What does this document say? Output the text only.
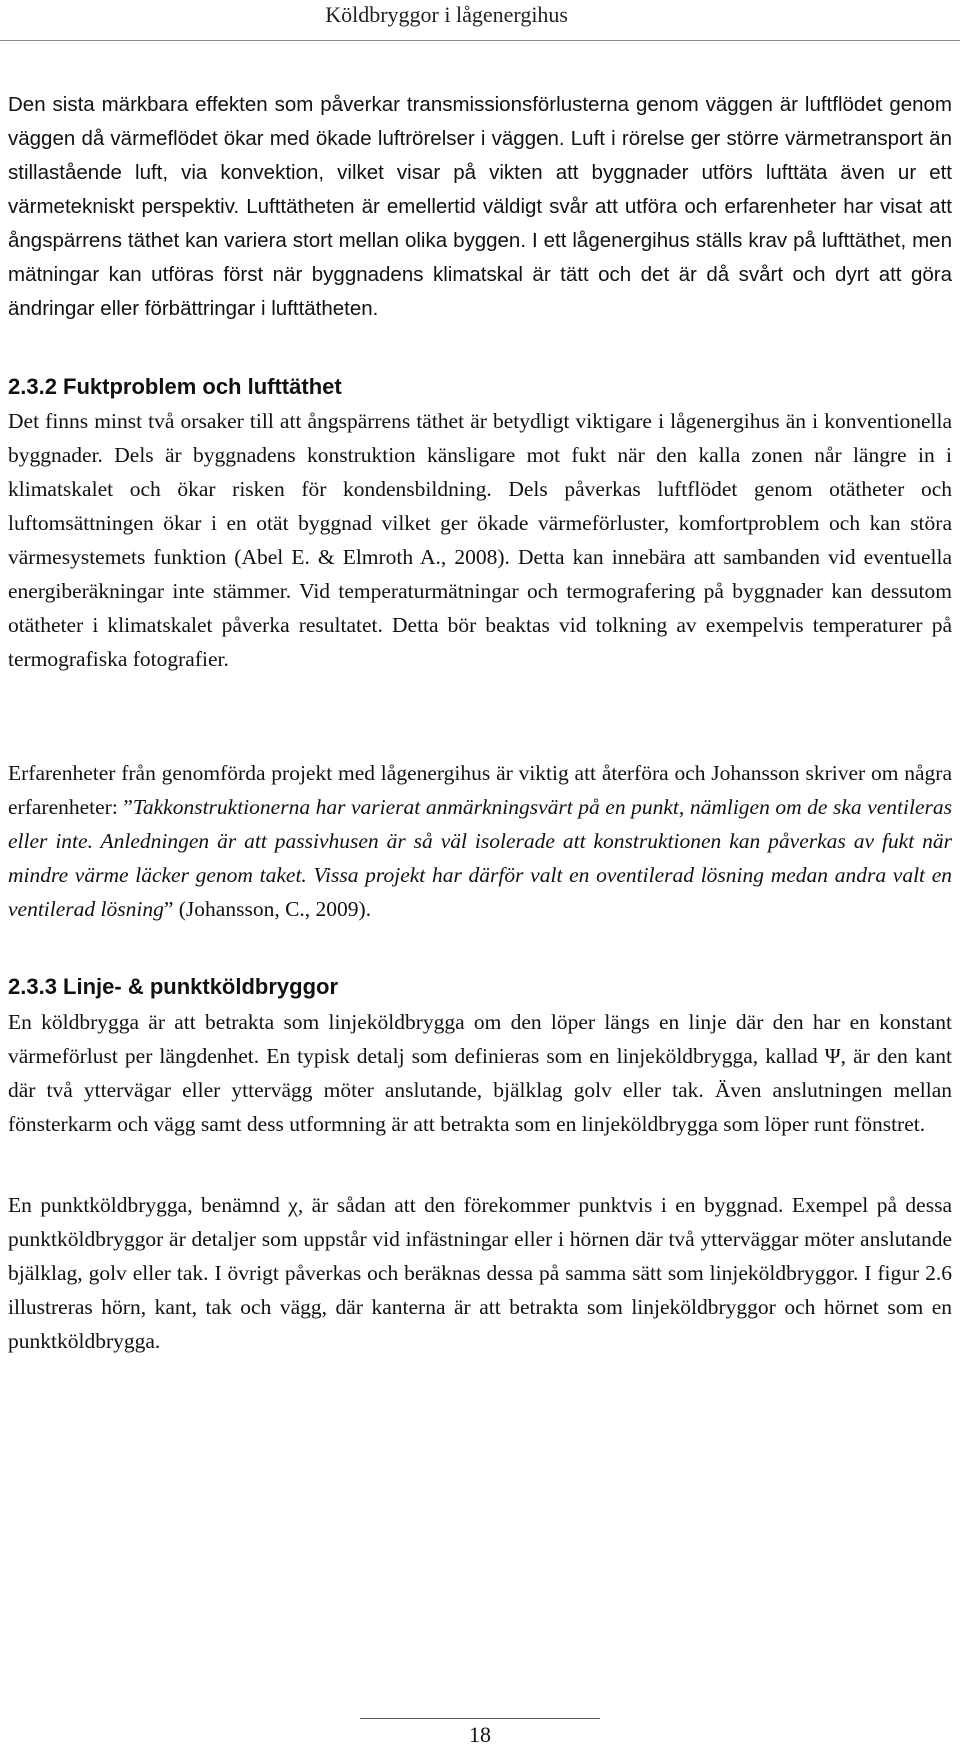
Köldbryggor i lågenergihus

Den sista märkbara effekten som påverkar transmissionsförlusterna genom väggen är luftflödet genom väggen då värmeflödet ökar med ökade luftrörelser i väggen. Luft i rörelse ger större värmetransport än stillastående luft, via konvektion, vilket visar på vikten att byggnader utförs lufttäta även ur ett värmetekniskt perspektiv. Lufttätheten är emellertid väldigt svår att utföra och erfarenheter har visat att ångspärrens täthet kan variera stort mellan olika byggen. I ett lågenergihus ställs krav på lufttäthet, men mätningar kan utföras först när byggnadens klimatskal är tätt och det är då svårt och dyrt att göra ändringar eller förbättringar i lufttätheten.

2.3.2 Fuktproblem och lufttäthet

Det finns minst två orsaker till att ångspärrens täthet är betydligt viktigare i lågenergihus än i konventionella byggnader. Dels är byggnadens konstruktion känsligare mot fukt när den kalla zonen når längre in i klimatskalet och ökar risken för kondensbildning. Dels påverkas luftflödet genom otätheter och luftomsättningen ökar i en otät byggnad vilket ger ökade värmeförluster, komfortproblem och kan störa värmesystemets funktion (Abel E. & Elmroth A., 2008). Detta kan innebära att sambanden vid eventuella energiberäkningar inte stämmer. Vid temperaturmätningar och termografering på byggnader kan dessutom otätheter i klimatskalet påverka resultatet. Detta bör beaktas vid tolkning av exempelvis temperaturer på termografiska fotografier.

Erfarenheter från genomförda projekt med lågenergihus är viktig att återföra och Johansson skriver om några erfarenheter: ”Takkonstruktionerna har varierat anmärkningsvärt på en punkt, nämligen om de ska ventileras eller inte. Anledningen är att passivhusen är så väl isolerade att konstruktionen kan påverkas av fukt när mindre värme läcker genom taket. Vissa projekt har därför valt en oventilerad lösning medan andra valt en ventilerad lösning” (Johansson, C., 2009).

2.3.3 Linje- & punktköldbryggor

En köldbrygga är att betrakta som linjeköldbrygga om den löper längs en linje där den har en konstant värmeförlust per längdenhet. En typisk detalj som definieras som en linjeköldbrygga, kallad Ψ, är den kant där två yttervägar eller yttervägg möter anslutande, bjälklag golv eller tak. Även anslutningen mellan fönsterkarm och vägg samt dess utformning är att betrakta som en linjeköldbrygga som löper runt fönstret.

En punktköldbrygga, benämnd χ, är sådan att den förekommer punktvis i en byggnad. Exempel på dessa punktköldbryggor är detaljer som uppstår vid infästningar eller i hörnen där två ytterväggar möter anslutande bjälklag, golv eller tak. I övrigt påverkas och beräknas dessa på samma sätt som linjeköldbryggor. I figur 2.6 illustreras hörn, kant, tak och vägg, där kanterna är att betrakta som linjeköldbryggor och hörnet som en punktköldbrygga.

18
